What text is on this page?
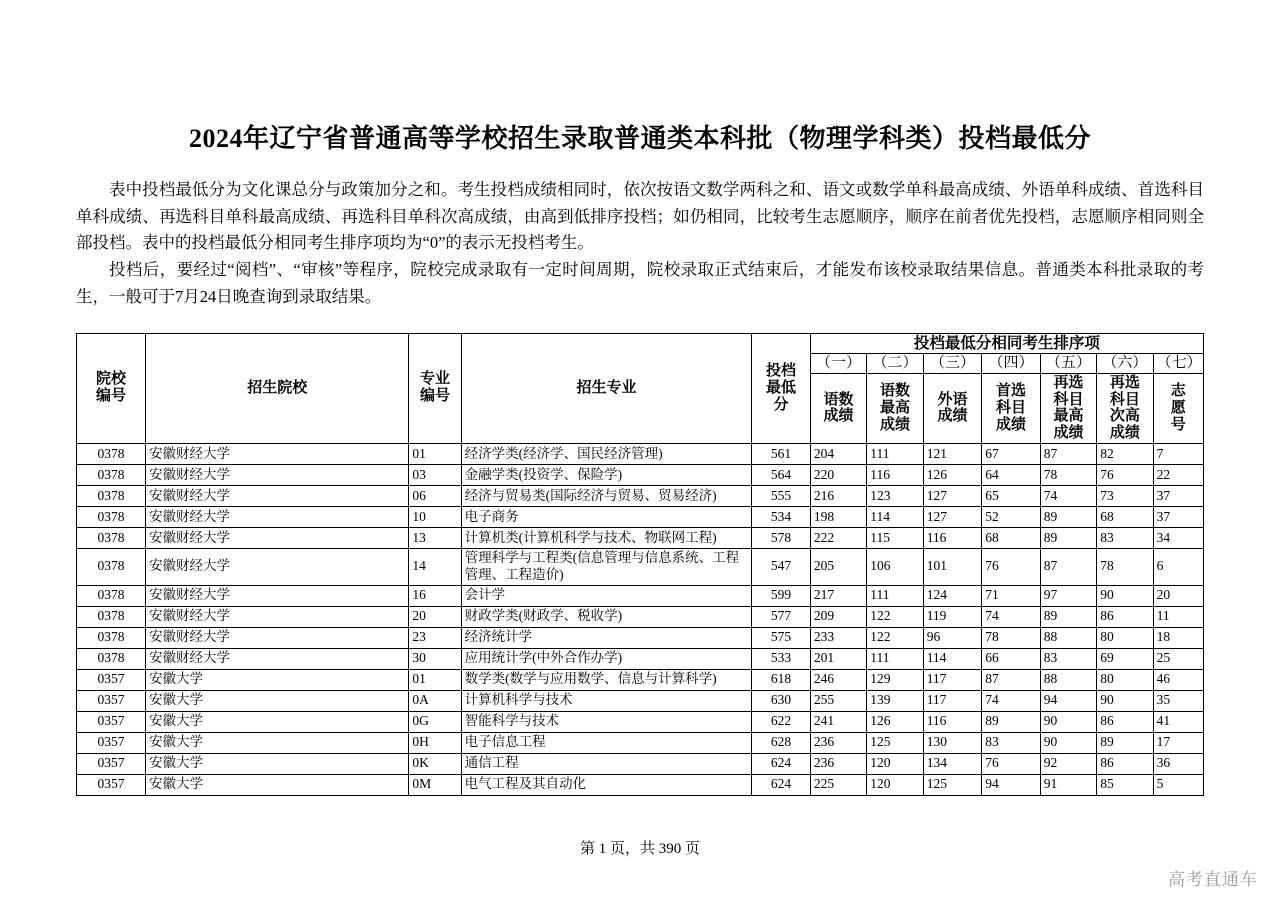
2024年辽宁省普通高等学校招生录取普通类本科批（物理学科类）投档最低分

表中投档最低分为文化课总分与政策加分之和。考生投档成绩相同时，依次按语文数学两科之和、语文或数学单科最高成绩、外语单科成绩、首选科目单科成绩、再选科目单科最高成绩、再选科目单科次高成绩，由高到低排序投档；如仍相同，比较考生志愿顺序，顺序在前者优先投档，志愿顺序相同则全部投档。表中的投档最低分相同考生排序项均为“0”的表示无投档考生。

投档后，要经过“阅档”、“审核”等程序，院校完成录取有一定时间周期，院校录取正式结束后，才能发布该校录取结果信息。普通类本科批录取的考生，一般可于7月24日晚查询到录取结果。

院校编号	招生院校	专业编号	招生专业	投档最低分	投档最低分相同考生排序项						
					（一）	（二）	（三）	（四）	（五）	（六）	（七）

					语数成绩	语数最高成绩	外语成绩	首选科目成绩	再选科目最高成绩	再选科目次高成绩	志愿号

0378	安徽财经大学	01	经济学类(经济学、国民经济管理)	561	204	111	121	67	87	82	7
0378	安徽财经大学	03	金融学类(投资学、保险学)	564	220	116	126	64	78	76	22
0378	安徽财经大学	06	经济与贸易类(国际经济与贸易、贸易经济)	555	216	123	127	65	74	73	37
0378	安徽财经大学	10	电子商务	534	198	114	127	52	89	68	37
0378	安徽财经大学	13	计算机类(计算机科学与技术、物联网工程)	578	222	115	116	68	89	83	34
0378	安徽财经大学	14	管理科学与工程类(信息管理与信息系统、工程管理、工程造价)	547	205	106	101	76	87	78	6
0378	安徽财经大学	16	会计学	599	217	111	124	71	97	90	20
0378	安徽财经大学	20	财政学类(财政学、税收学)	577	209	122	119	74	89	86	11
0378	安徽财经大学	23	经济统计学	575	233	122	96	78	88	80	18
0378	安徽财经大学	30	应用统计学(中外合作办学)	533	201	111	114	66	83	69	25
0357	安徽大学	01	数学类(数学与应用数学、信息与计算科学)	618	246	129	117	87	88	80	46
0357	安徽大学	0A	计算机科学与技术	630	255	139	117	74	94	90	35
0357	安徽大学	0G	智能科学与技术	622	241	126	116	89	90	86	41
0357	安徽大学	0H	电子信息工程	628	236	125	130	83	90	89	17
0357	安徽大学	0K	通信工程	624	236	120	134	76	92	86	36
0357	安徽大学	0M	电气工程及其自动化	624	225	120	125	94	91	85	5
第 1 页，共 390 页
高考直通车
